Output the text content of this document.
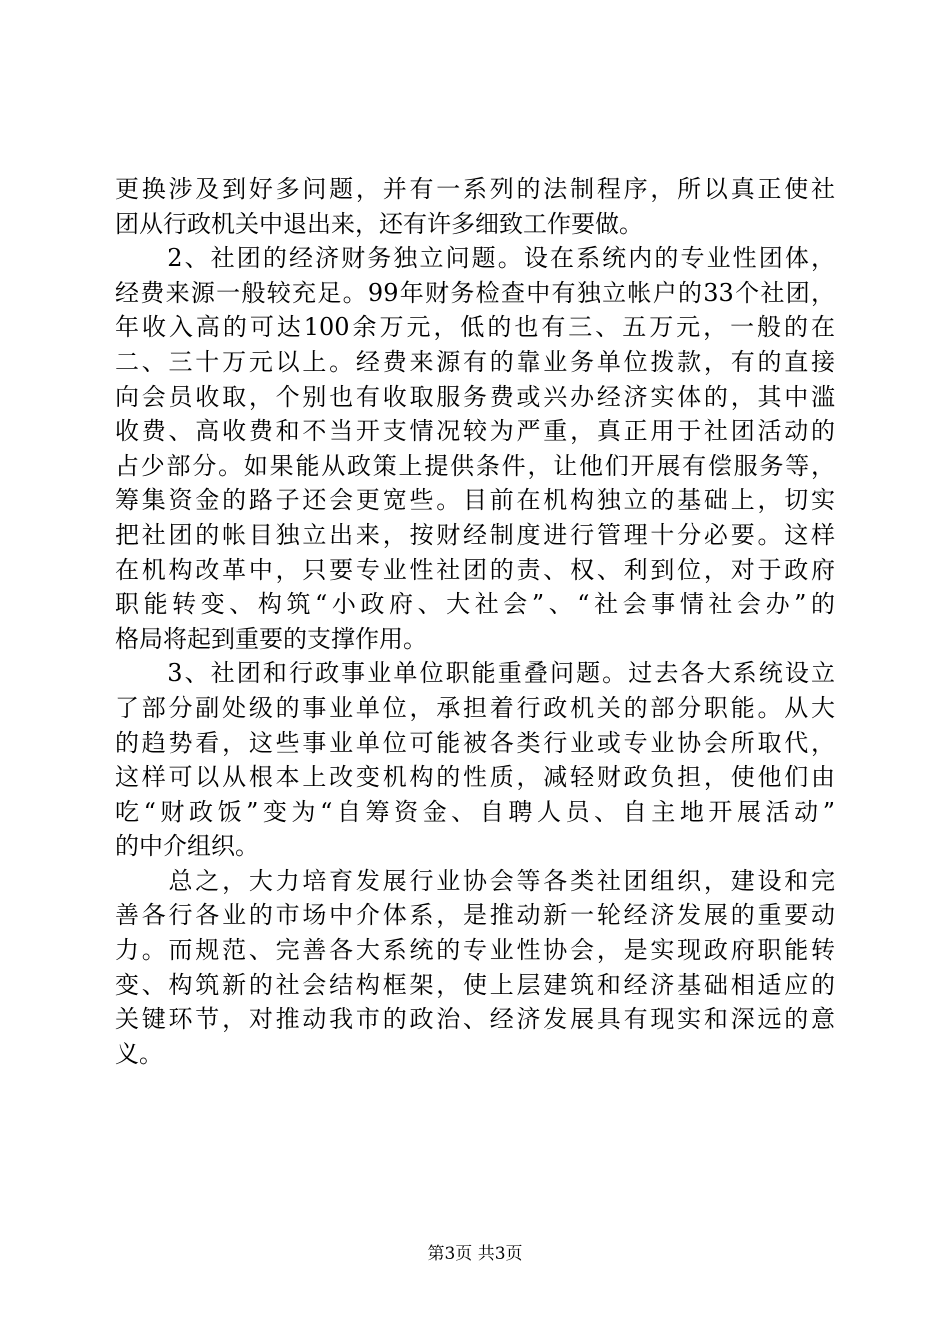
更换涉及到好多问题，并有一系列的法制程序，所以真正使社
团从行政机关中退出来，还有许多细致工作要做。
　　2、社团的经济财务独立问题。设在系统内的专业性团体，
经费来源一般较充足。99年财务检查中有独立帐户的33个社团，
年收入高的可达100余万元，低的也有三、五万元，一般的在
二、三十万元以上。经费来源有的靠业务单位拨款，有的直接
向会员收取，个别也有收取服务费或兴办经济实体的，其中滥
收费、高收费和不当开支情况较为严重，真正用于社团活动的
占少部分。如果能从政策上提供条件，让他们开展有偿服务等，
筹集资金的路子还会更宽些。目前在机构独立的基础上，切实
把社团的帐目独立出来，按财经制度进行管理十分必要。这样
在机构改革中，只要专业性社团的责、权、利到位，对于政府
职能转变、构筑“小政府、大社会”、“社会事情社会办”的
格局将起到重要的支撑作用。
　　3、社团和行政事业单位职能重叠问题。过去各大系统设立
了部分副处级的事业单位，承担着行政机关的部分职能。从大
的趋势看，这些事业单位可能被各类行业或专业协会所取代，
这样可以从根本上改变机构的性质，减轻财政负担，使他们由
吃“财政饭”变为“自筹资金、自聘人员、自主地开展活动”
的中介组织。
　　总之，大力培育发展行业协会等各类社团组织，建设和完
善各行各业的市场中介体系，是推动新一轮经济发展的重要动
力。而规范、完善各大系统的专业性协会，是实现政府职能转
变、构筑新的社会结构框架，使上层建筑和经济基础相适应的
关键环节，对推动我市的政治、经济发展具有现实和深远的意
义。
第3页 共3页
